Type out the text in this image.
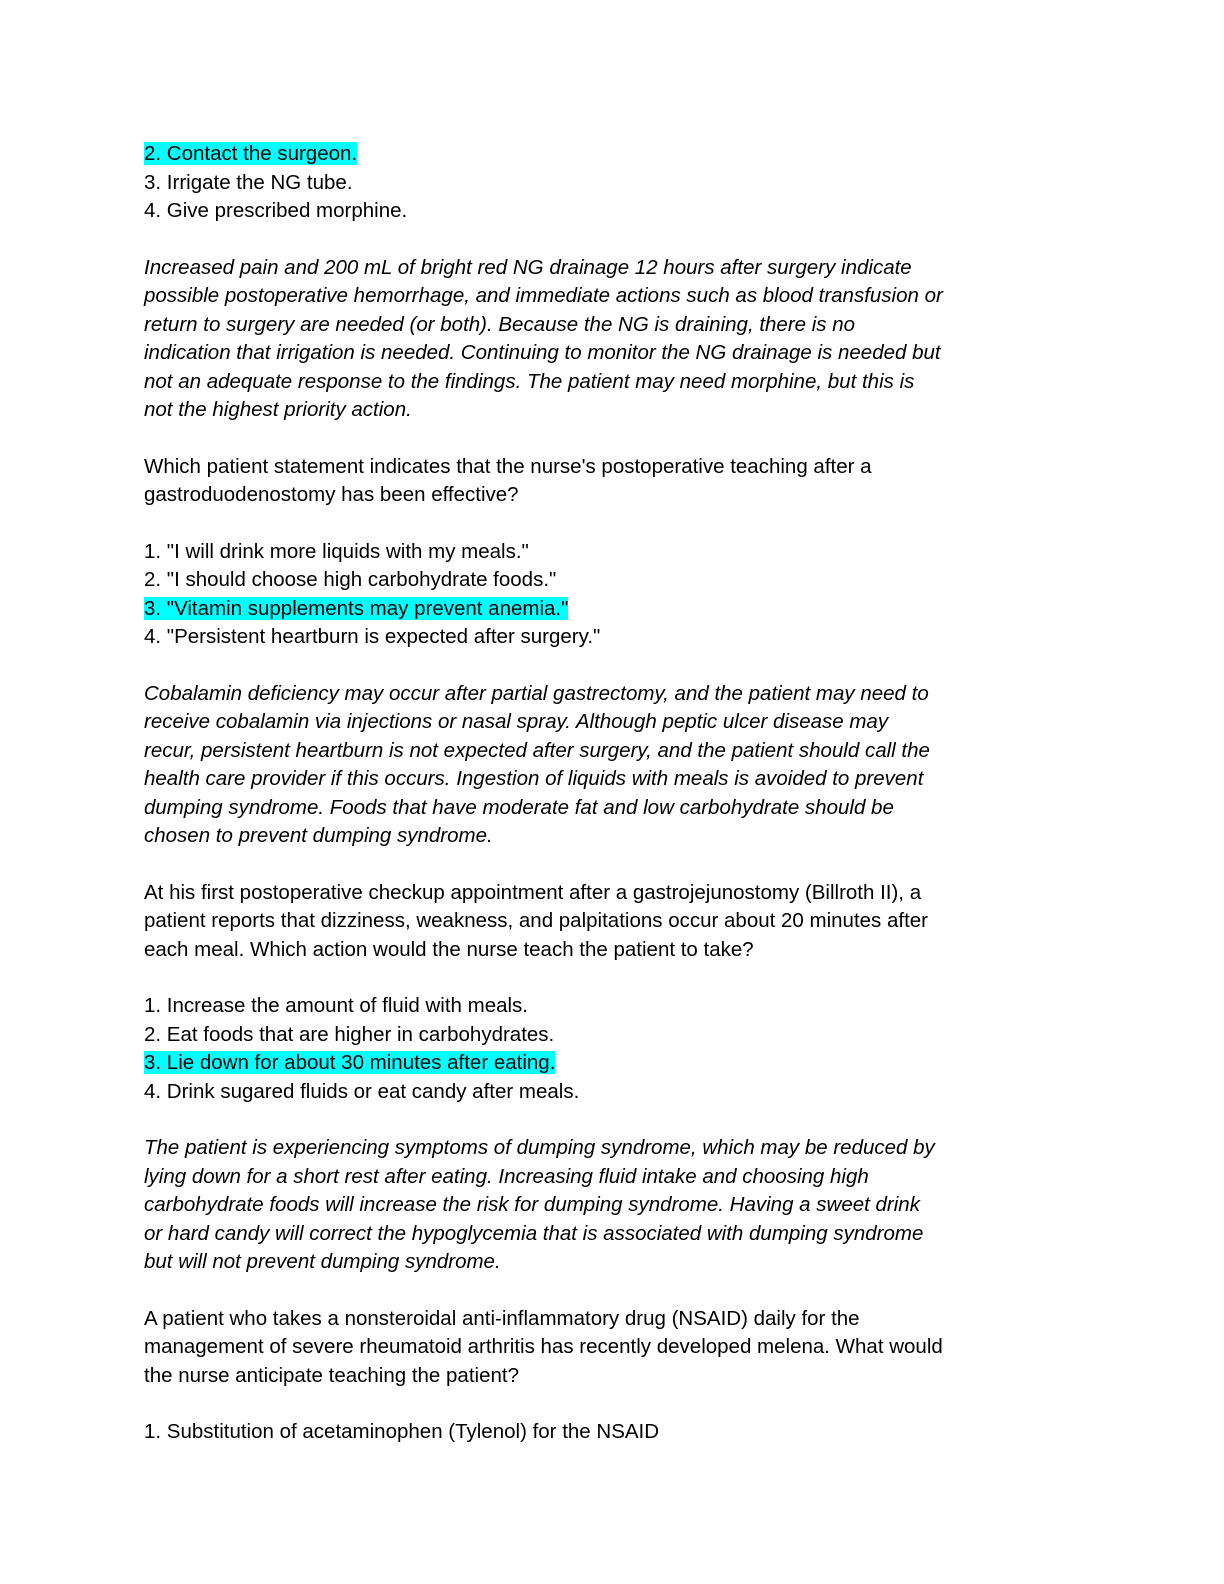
2. Contact the surgeon.
3. Irrigate the NG tube.
4. Give prescribed morphine.
Increased pain and 200 mL of bright red NG drainage 12 hours after surgery indicate
possible postoperative hemorrhage, and immediate actions such as blood transfusion or
return to surgery are needed (or both). Because the NG is draining, there is no
indication that irrigation is needed. Continuing to monitor the NG drainage is needed but
not an adequate response to the findings. The patient may need morphine, but this is
not the highest priority action.
Which patient statement indicates that the nurse's postoperative teaching after a
gastroduodenostomy has been effective?
1. "I will drink more liquids with my meals."
2. "I should choose high carbohydrate foods."
3. "Vitamin supplements may prevent anemia."
4. "Persistent heartburn is expected after surgery."
Cobalamin deficiency may occur after partial gastrectomy, and the patient may need to
receive cobalamin via injections or nasal spray. Although peptic ulcer disease may
recur, persistent heartburn is not expected after surgery, and the patient should call the
health care provider if this occurs. Ingestion of liquids with meals is avoided to prevent
dumping syndrome. Foods that have moderate fat and low carbohydrate should be
chosen to prevent dumping syndrome.
At his first postoperative checkup appointment after a gastrojejunostomy (Billroth II), a
patient reports that dizziness, weakness, and palpitations occur about 20 minutes after
each meal. Which action would the nurse teach the patient to take?
1. Increase the amount of fluid with meals.
2. Eat foods that are higher in carbohydrates.
3. Lie down for about 30 minutes after eating.
4. Drink sugared fluids or eat candy after meals.
The patient is experiencing symptoms of dumping syndrome, which may be reduced by
lying down for a short rest after eating. Increasing fluid intake and choosing high
carbohydrate foods will increase the risk for dumping syndrome. Having a sweet drink
or hard candy will correct the hypoglycemia that is associated with dumping syndrome
but will not prevent dumping syndrome.
A patient who takes a nonsteroidal anti-inflammatory drug (NSAID) daily for the
management of severe rheumatoid arthritis has recently developed melena. What would
the nurse anticipate teaching the patient?
1. Substitution of acetaminophen (Tylenol) for the NSAID
